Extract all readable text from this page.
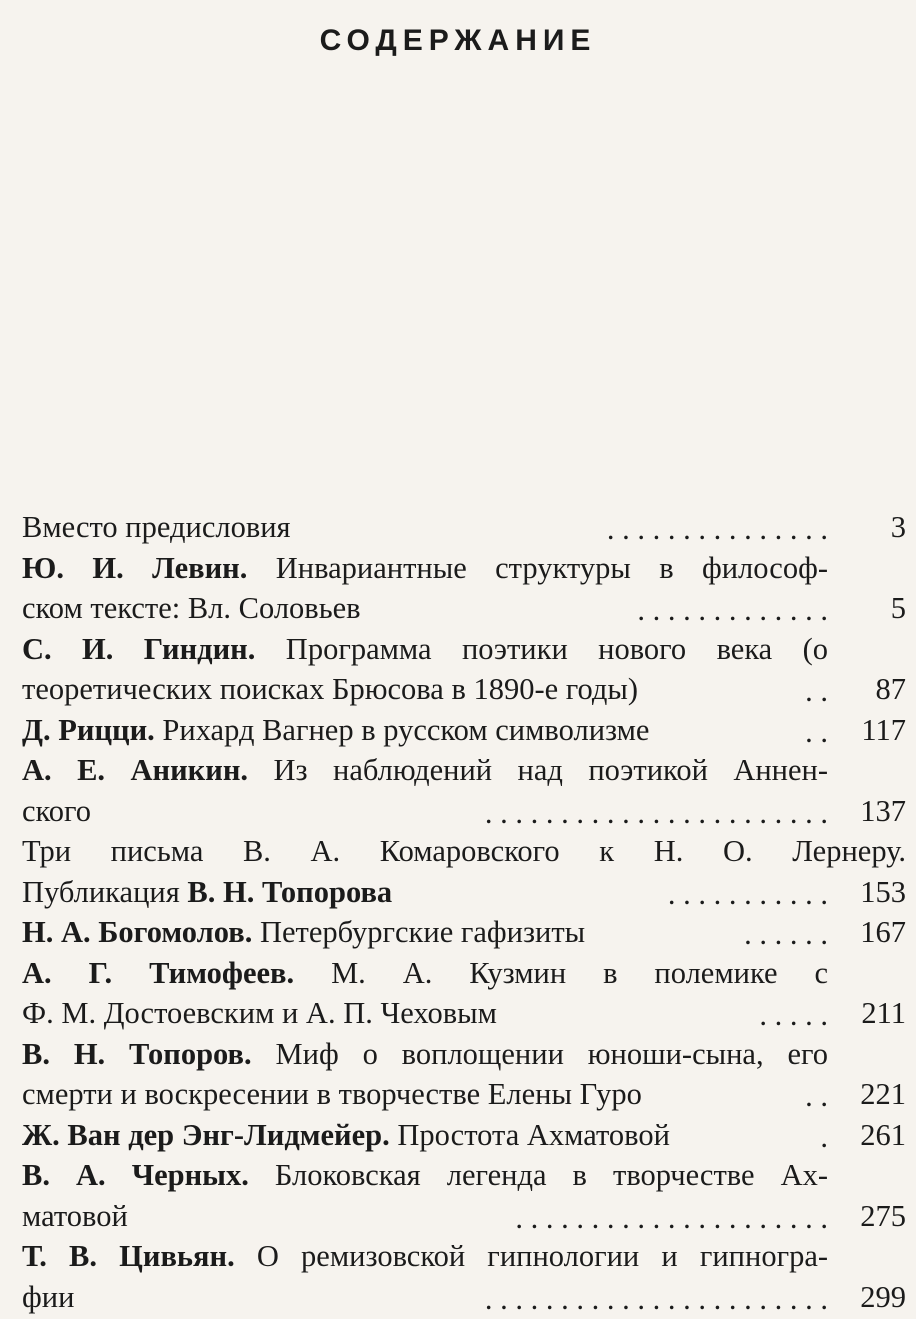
СОДЕРЖАНИЕ
Вместо предисловия	. . . . . . . . . . . . . . . 3
Ю. И. Левин. Инвариантные структуры в философ-
ском тексте: Вл. Соловьев	. . . . . . . . . . . . . 5
С. И. Гиндин. Программа поэтики нового века (о
теоретических поисках Брюсова в 1890-е годы)	. . 87
Д. Рицци. Рихард Вагнер в русском символизме	. . 117
А. Е. Аникин. Из наблюдений над поэтикой Аннен-
ского	. . . . . . . . . . . . . . . . . . . . . . . 137
Три письма В. А. Комаровского к Н. О. Лернеру.
Публикация В. Н. Топорова	. . . . . . . . . . . 153
Н. А. Богомолов. Петербургские гафизиты	. . . . . . 167
А. Г. Тимофеев. М. А. Кузмин в полемике с
Ф. М. Достоевским и А. П. Чеховым	. . . . . 211
В. Н. Топоров. Миф о воплощении юноши-сына, его
смерти и воскресении в творчестве Елены Гуро	. . 221
Ж. Ван дер Энг-Лидмейер. Простота Ахматовой	. 261
В. А. Черных. Блоковская легенда в творчестве Ах-
матовой	. . . . . . . . . . . . . . . . . . . . . 275
Т. В. Цивьян. О ремизовской гипнологии и гипногра-
фии	. . . . . . . . . . . . . . . . . . . . . . . 299
